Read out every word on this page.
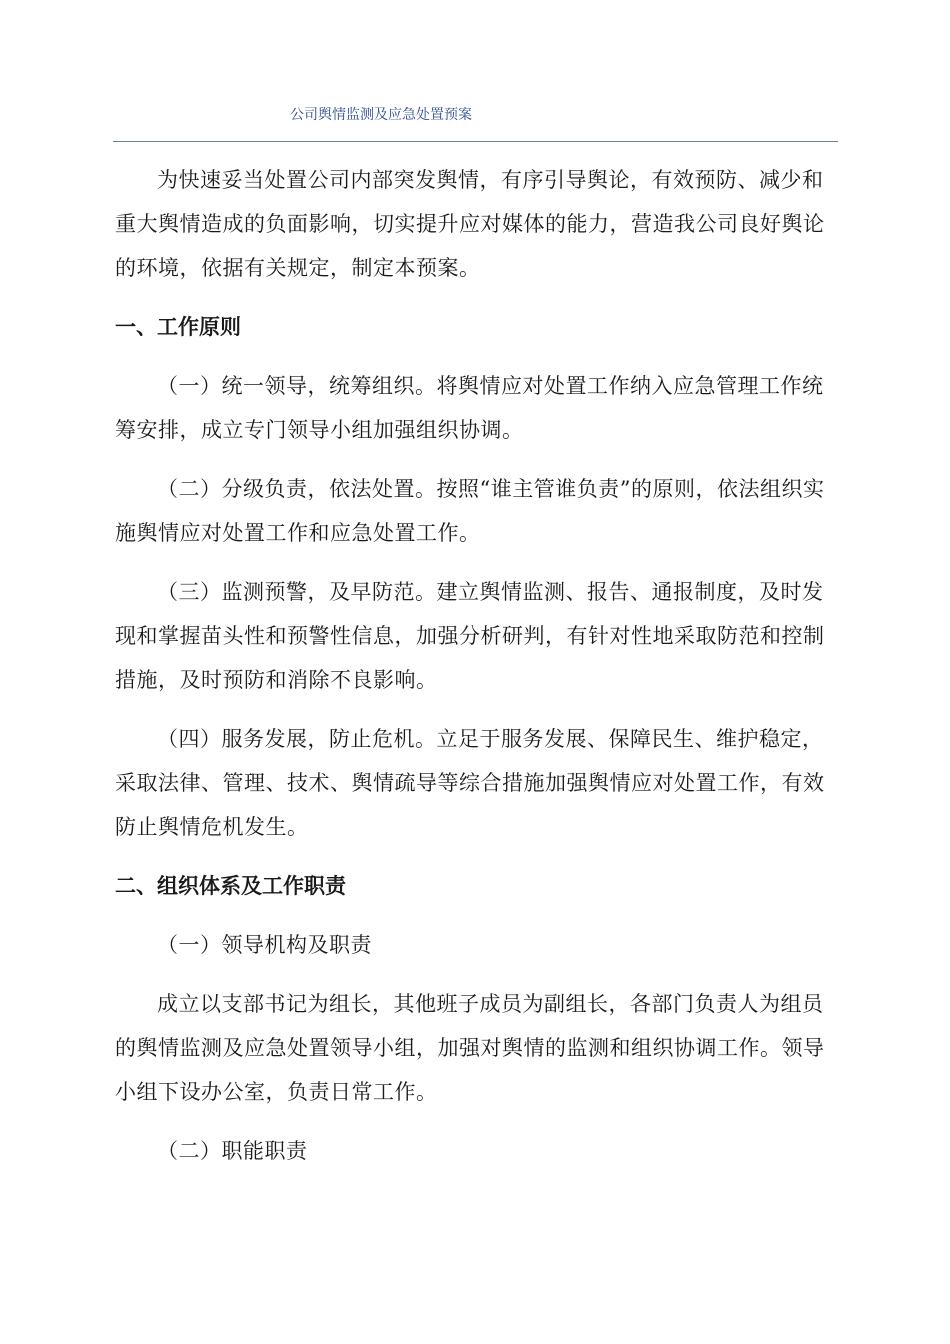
公司舆情监测及应急处置预案

为快速妥当处置公司内部突发舆情，有序引导舆论，有效预防、减少和重大舆情造成的负面影响，切实提升应对媒体的能力，营造我公司良好舆论的环境，依据有关规定，制定本预案。

一、工作原则

（一）统一领导，统筹组织。将舆情应对处置工作纳入应急管理工作统筹安排，成立专门领导小组加强组织协调。

（二）分级负责，依法处置。按照“谁主管谁负责”的原则，依法组织实施舆情应对处置工作和应急处置工作。

（三）监测预警，及早防范。建立舆情监测、报告、通报制度，及时发现和掌握苗头性和预警性信息，加强分析研判，有针对性地采取防范和控制措施，及时预防和消除不良影响。

（四）服务发展，防止危机。立足于服务发展、保障民生、维护稳定，采取法律、管理、技术、舆情疏导等综合措施加强舆情应对处置工作，有效防止舆情危机发生。

二、组织体系及工作职责

（一）领导机构及职责

成立以支部书记为组长，其他班子成员为副组长，各部门负责人为组员的舆情监测及应急处置领导小组，加强对舆情的监测和组织协调工作。领导小组下设办公室，负责日常工作。

（二）职能职责
